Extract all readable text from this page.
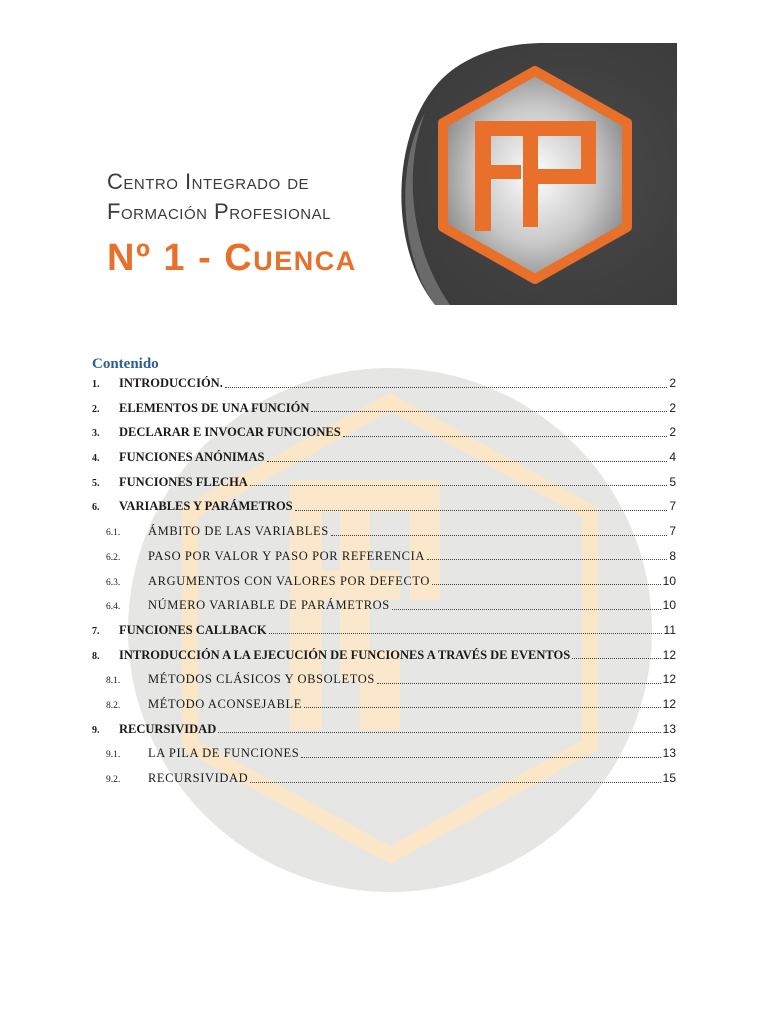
Centro Integrado de
Formación Profesional
Nº 1 - Cuenca
Contenido
1.	INTRODUCCIÓN.	2
2.	ELEMENTOS DE UNA FUNCIÓN	2
3.	DECLARAR E INVOCAR FUNCIONES	2
4.	FUNCIONES ANÓNIMAS	4
5.	FUNCIONES FLECHA	5
6.	VARIABLES Y PARÁMETROS	7
6.1. ÁMBITO DE LAS VARIABLES	7
6.2. PASO POR VALOR Y PASO POR REFERENCIA	8
6.3. ARGUMENTOS CON VALORES POR DEFECTO	10
6.4. NÚMERO VARIABLE DE PARÁMETROS	10
7.	FUNCIONES CALLBACK	11
8.	INTRODUCCIÓN A LA EJECUCIÓN DE FUNCIONES A TRAVÉS DE EVENTOS	12
8.1. MÉTODOS CLÁSICOS Y OBSOLETOS	12
8.2. MÉTODO ACONSEJABLE	12
9.	RECURSIVIDAD	13
9.1. LA PILA DE FUNCIONES	13
9.2. RECURSIVIDAD	15
